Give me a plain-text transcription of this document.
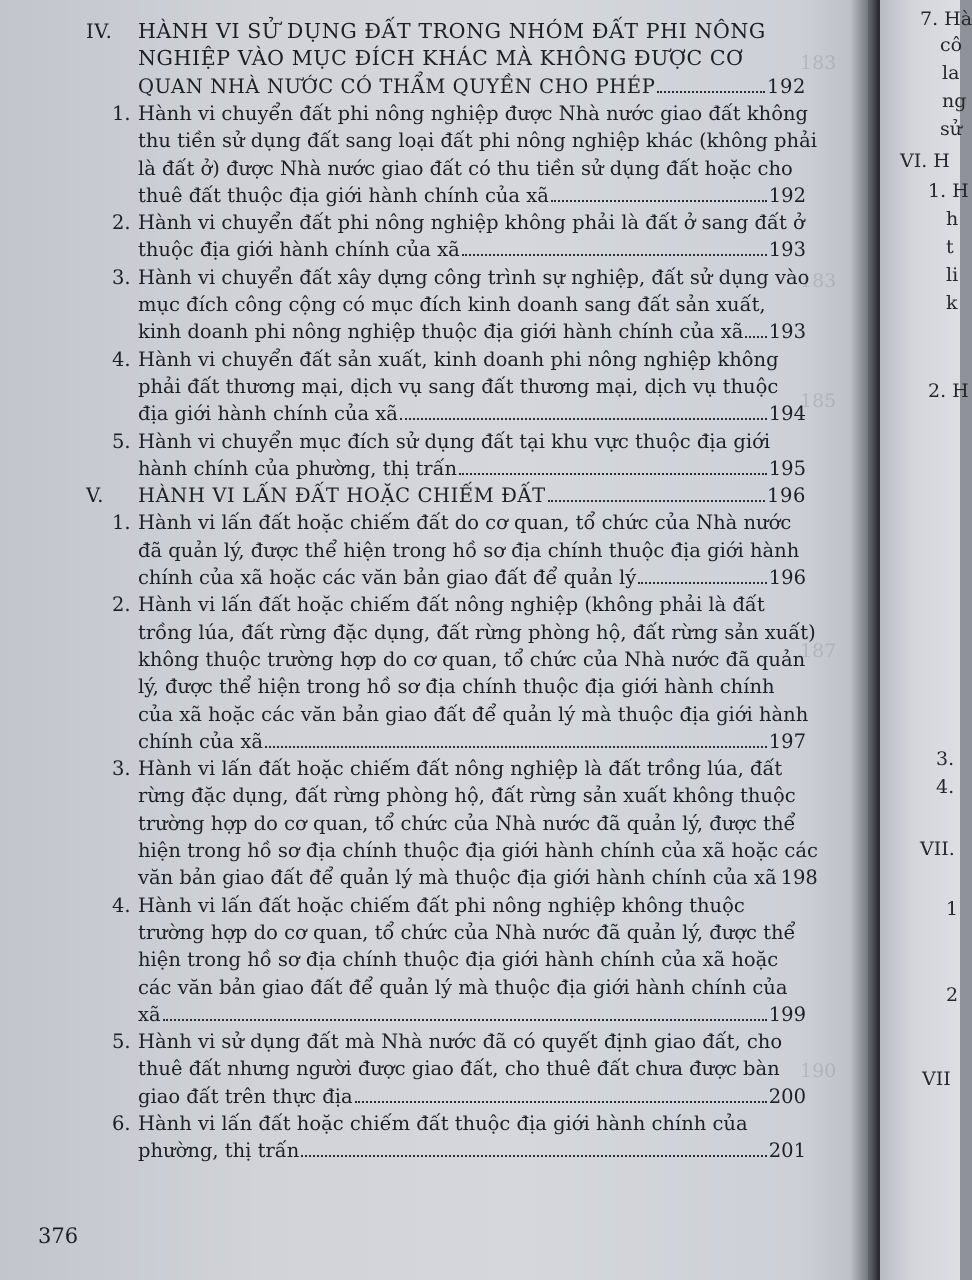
183
183
185
187
190
IV. HÀNH VI SỬ DỤNG ĐẤT TRONG NHÓM ĐẤT PHI NÔNG
NGHIỆP VÀO MỤC ĐÍCH KHÁC MÀ KHÔNG ĐƯỢC CƠ
QUAN NHÀ NƯỚC CÓ THẨM QUYỀN CHO PHÉP	192
1. Hành vi chuyển đất phi nông nghiệp được Nhà nước giao đất không
thu tiền sử dụng đất sang loại đất phi nông nghiệp khác (không phải
là đất ở) được Nhà nước giao đất có thu tiền sử dụng đất hoặc cho
thuê đất thuộc địa giới hành chính của xã	192
2. Hành vi chuyển đất phi nông nghiệp không phải là đất ở sang đất ở
thuộc địa giới hành chính của xã	193
3. Hành vi chuyển đất xây dựng công trình sự nghiệp, đất sử dụng vào
mục đích công cộng có mục đích kinh doanh sang đất sản xuất,
kinh doanh phi nông nghiệp thuộc địa giới hành chính của xã 193
4. Hành vi chuyển đất sản xuất, kinh doanh phi nông nghiệp không
phải đất thương mại, dịch vụ sang đất thương mại, dịch vụ thuộc
địa giới hành chính của xã	194
5. Hành vi chuyển mục đích sử dụng đất tại khu vực thuộc địa giới
hành chính của phường, thị trấn	195
V. HÀNH VI LẤN ĐẤT HOẶC CHIẾM ĐẤT	196
1. Hành vi lấn đất hoặc chiếm đất do cơ quan, tổ chức của Nhà nước
đã quản lý, được thể hiện trong hồ sơ địa chính thuộc địa giới hành
chính của xã hoặc các văn bản giao đất để quản lý	196
2. Hành vi lấn đất hoặc chiếm đất nông nghiệp (không phải là đất
trồng lúa, đất rừng đặc dụng, đất rừng phòng hộ, đất rừng sản xuất)
không thuộc trường hợp do cơ quan, tổ chức của Nhà nước đã quản
lý, được thể hiện trong hồ sơ địa chính thuộc địa giới hành chính
của xã hoặc các văn bản giao đất để quản lý mà thuộc địa giới hành
chính của xã	197
3. Hành vi lấn đất hoặc chiếm đất nông nghiệp là đất trồng lúa, đất
rừng đặc dụng, đất rừng phòng hộ, đất rừng sản xuất không thuộc
trường hợp do cơ quan, tổ chức của Nhà nước đã quản lý, được thể
hiện trong hồ sơ địa chính thuộc địa giới hành chính của xã hoặc các
văn bản giao đất để quản lý mà thuộc địa giới hành chính của xã 198
4. Hành vi lấn đất hoặc chiếm đất phi nông nghiệp không thuộc
trường hợp do cơ quan, tổ chức của Nhà nước đã quản lý, được thể
hiện trong hồ sơ địa chính thuộc địa giới hành chính của xã hoặc
các văn bản giao đất để quản lý mà thuộc địa giới hành chính của
xã	199
5. Hành vi sử dụng đất mà Nhà nước đã có quyết định giao đất, cho
thuê đất nhưng người được giao đất, cho thuê đất chưa được bàn
giao đất trên thực địa	200
6. Hành vi lấn đất hoặc chiếm đất thuộc địa giới hành chính của
phường, thị trấn	201
376
7. Hà
cô
la
ng
sử
VI. H
1. H
h
t
li
k
2. H
3.
4.
VII.
1
2
VII
